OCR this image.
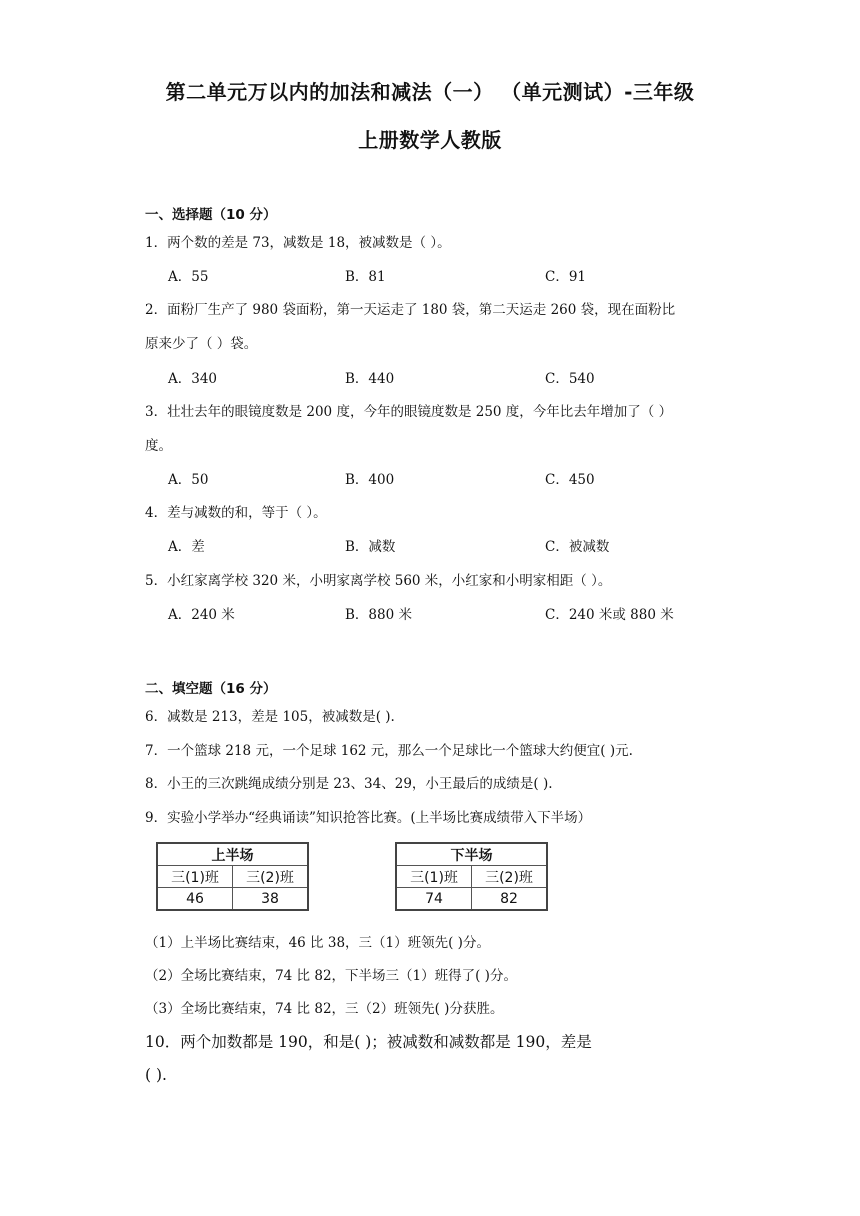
第二单元万以内的加法和减法（一） （单元测试）-三年级
上册数学人教版
一、选择题（10 分）
1．两个数的差是 73，减数是 18，被减数是（ ）。
A．55	B．81	C．91
2．面粉厂生产了 980 袋面粉，第一天运走了 180 袋，第二天运走 260 袋，现在面粉比
原来少了（ ）袋。
A．340	B．440	C．540
3．壮壮去年的眼镜度数是 200 度，今年的眼镜度数是 250 度，今年比去年增加了（ ）
度。
A．50	B．400	C．450
4．差与减数的和，等于（ ）。
A．差	B．减数	C．被减数
5．小红家离学校 320 米，小明家离学校 560 米，小红家和小明家相距（ ）。
A．240 米	B．880 米	C．240 米或 880 米
二、填空题（16 分）
6．减数是 213，差是 105，被减数是( ).
7．一个篮球 218 元，一个足球 162 元，那么一个足球比一个篮球大约便宜( )元.
8．小王的三次跳绳成绩分别是 23、34、29，小王最后的成绩是( ).
9．实验小学举办“经典诵读”知识抢答比赛。(上半场比赛成绩带入下半场）
上半场	
三(1)班	三(2)班
46	38
下半场	
三(1)班	三(2)班
74	82
（1）上半场比赛结束，46 比 38，三（1）班领先( )分。
（2）全场比赛结束，74 比 82，下半场三（1）班得了( )分。
（3）全场比赛结束，74 比 82，三（2）班领先( )分获胜。
10．两个加数都是 190，和是( )；被减数和减数都是 190，差是
( ).
